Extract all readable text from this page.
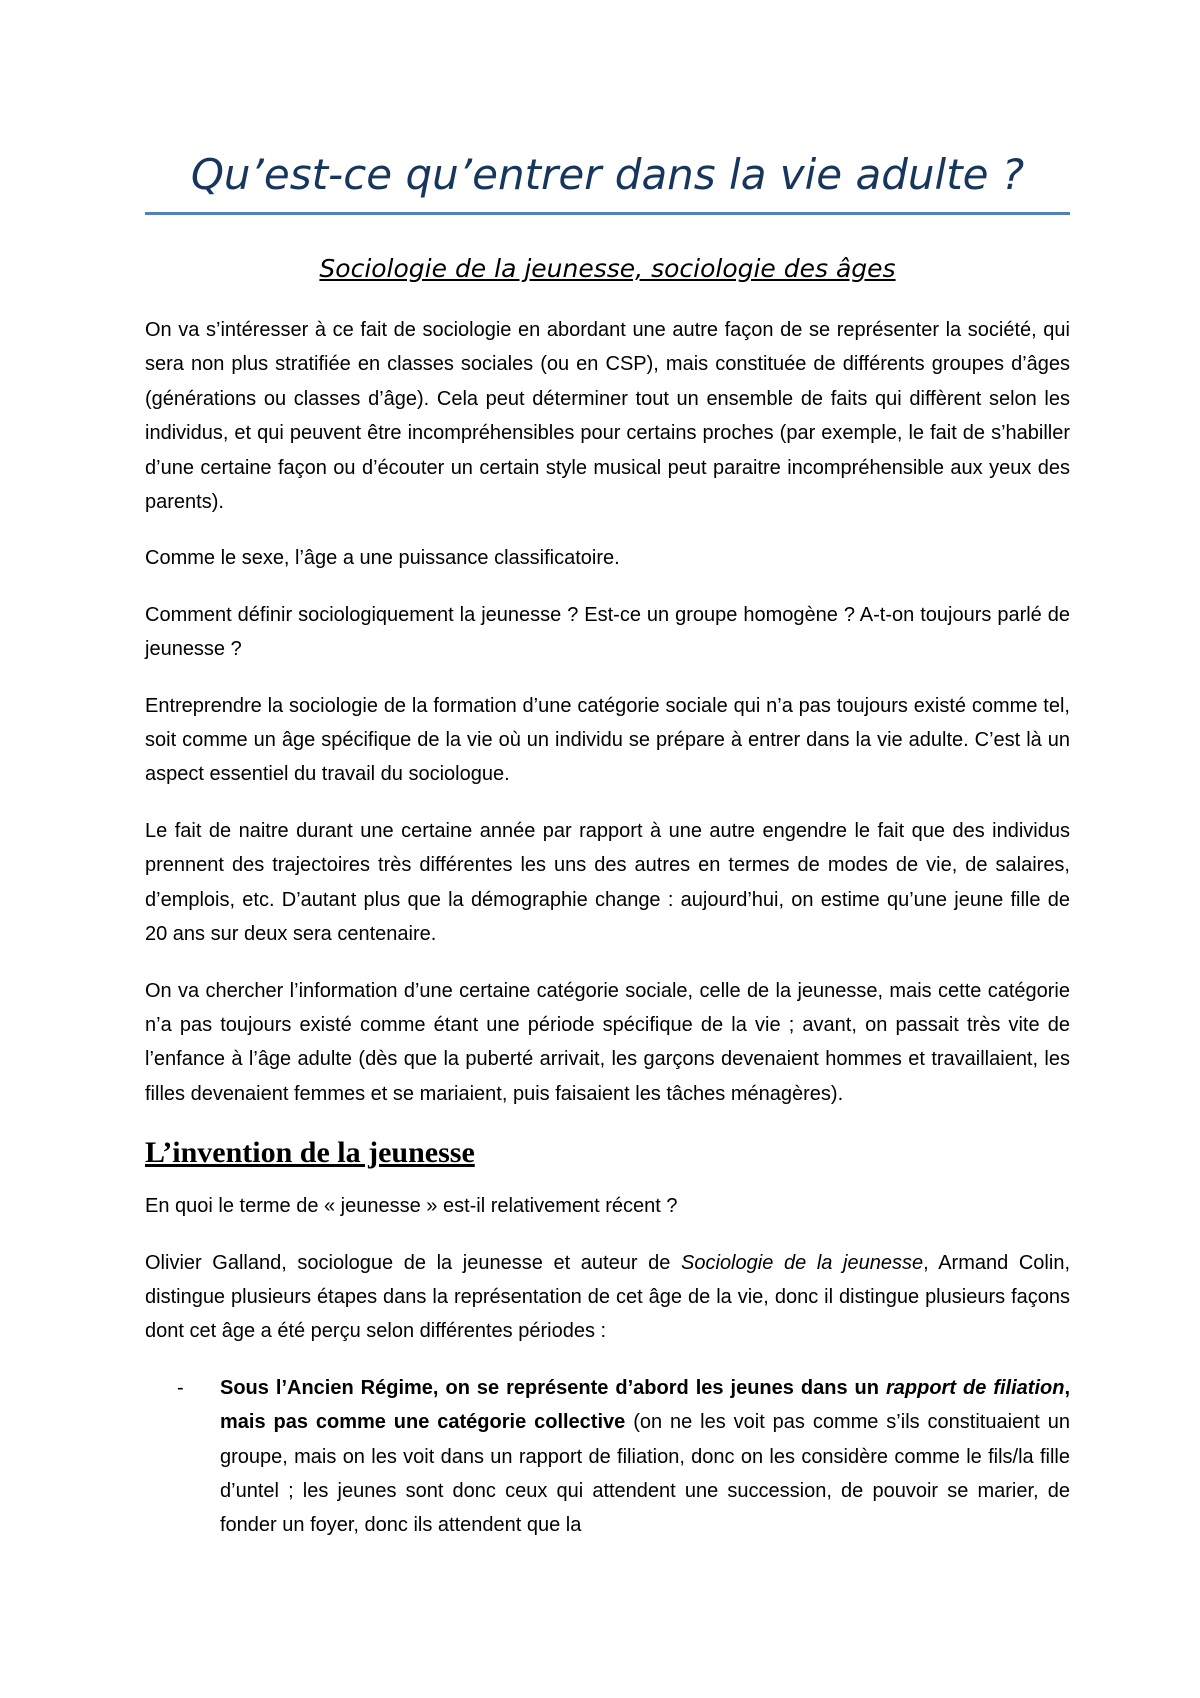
Qu’est-ce qu’entrer dans la vie adulte ?
Sociologie de la jeunesse, sociologie des âges

On va s’intéresser à ce fait de sociologie en abordant une autre façon de se représenter la société, qui sera non plus stratifiée en classes sociales (ou en CSP), mais constituée de différents groupes d’âges (générations ou classes d’âge). Cela peut déterminer tout un ensemble de faits qui diffèrent selon les individus, et qui peuvent être incompréhensibles pour certains proches (par exemple, le fait de s’habiller d’une certaine façon ou d’écouter un certain style musical peut paraitre incompréhensible aux yeux des parents).

Comme le sexe, l’âge a une puissance classificatoire.

Comment définir sociologiquement la jeunesse ? Est-ce un groupe homogène ? A-t-on toujours parlé de jeunesse ?

Entreprendre la sociologie de la formation d’une catégorie sociale qui n’a pas toujours existé comme tel, soit comme un âge spécifique de la vie où un individu se prépare à entrer dans la vie adulte. C’est là un aspect essentiel du travail du sociologue.

Le fait de naitre durant une certaine année par rapport à une autre engendre le fait que des individus prennent des trajectoires très différentes les uns des autres en termes de modes de vie, de salaires, d’emplois, etc. D’autant plus que la démographie change : aujourd’hui, on estime qu’une jeune fille de 20 ans sur deux sera centenaire.

On va chercher l’information d’une certaine catégorie sociale, celle de la jeunesse, mais cette catégorie n’a pas toujours existé comme étant une période spécifique de la vie ; avant, on passait très vite de l’enfance à l’âge adulte (dès que la puberté arrivait, les garçons devenaient hommes et travaillaient, les filles devenaient femmes et se mariaient, puis faisaient les tâches ménagères).

L’invention de la jeunesse

En quoi le terme de « jeunesse » est-il relativement récent ?

Olivier Galland, sociologue de la jeunesse et auteur de Sociologie de la jeunesse, Armand Colin, distingue plusieurs étapes dans la représentation de cet âge de la vie, donc il distingue plusieurs façons dont cet âge a été perçu selon différentes périodes :

- Sous l’Ancien Régime, on se représente d’abord les jeunes dans un rapport de filiation, mais pas comme une catégorie collective (on ne les voit pas comme s’ils constituaient un groupe, mais on les voit dans un rapport de filiation, donc on les considère comme le fils/la fille d’untel ; les jeunes sont donc ceux qui attendent une succession, de pouvoir se marier, de fonder un foyer, donc ils attendent que la
